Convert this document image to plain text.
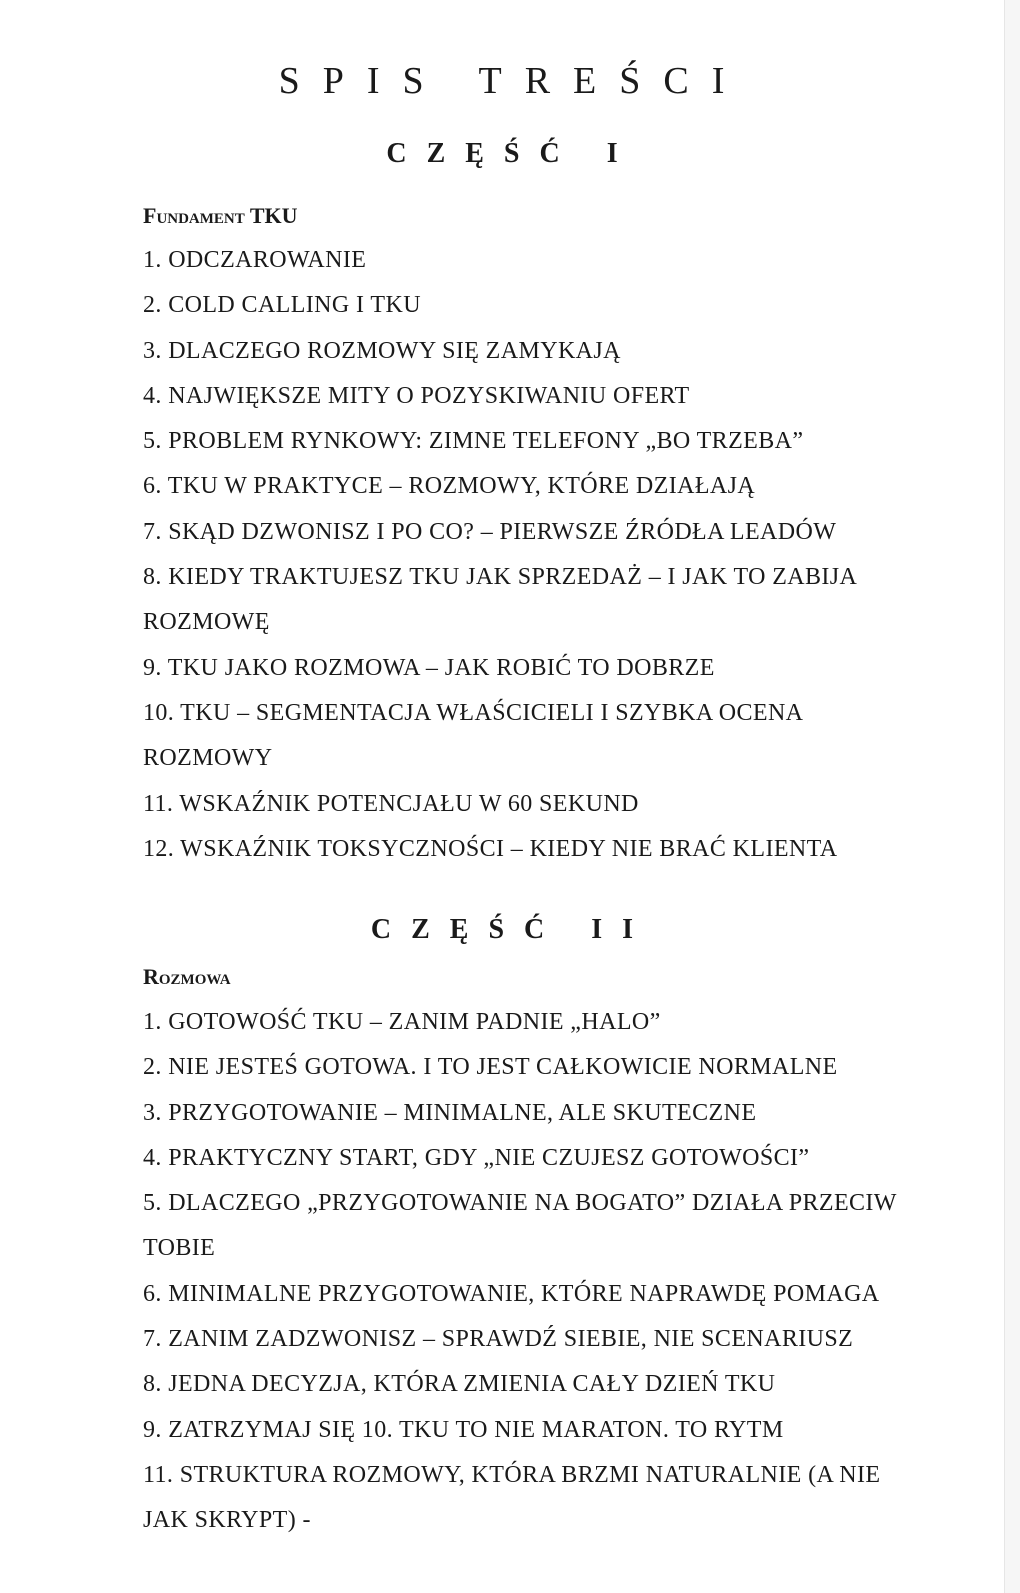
SPIS TREŚCI
CZĘŚĆ I
Fundament TKU
1. ODCZAROWANIE
2. COLD CALLING I TKU
3. DLACZEGO ROZMOWY SIĘ ZAMYKAJĄ
4. NAJWIĘKSZE MITY O POZYSKIWANIU OFERT
5. PROBLEM RYNKOWY: ZIMNE TELEFONY „BO TRZEBA”
6. TKU W PRAKTYCE – ROZMOWY, KTÓRE DZIAŁAJĄ
7. SKĄD DZWONISZ I PO CO? – PIERWSZE ŹRÓDŁA LEADÓW
8. KIEDY TRAKTUJESZ TKU JAK SPRZEDAŻ – I JAK TO ZABIJA ROZMOWĘ
9. TKU JAKO ROZMOWA – JAK ROBIĆ TO DOBRZE
10. TKU – SEGMENTACJA WŁAŚCICIELI I SZYBKA OCENA ROZMOWY
11. WSKAŹNIK POTENCJAŁU W 60 SEKUND
12. WSKAŹNIK TOKSYCZNOŚCI – KIEDY NIE BRAĆ KLIENTA
CZĘŚĆ II
Rozmowa
1. GOTOWOŚĆ TKU – ZANIM PADNIE „HALO”
2. NIE JESTEŚ GOTOWA. I TO JEST CAŁKOWICIE NORMALNE
3. PRZYGOTOWANIE – MINIMALNE, ALE SKUTECZNE
4. PRAKTYCZNY START, GDY „NIE CZUJESZ GOTOWOŚCI”
5. DLACZEGO „PRZYGOTOWANIE NA BOGATO” DZIAŁA PRZECIW TOBIE
6. MINIMALNE PRZYGOTOWANIE, KTÓRE NAPRAWDĘ POMAGA
7. ZANIM ZADZWONISZ – SPRAWDŹ SIEBIE, NIE SCENARIUSZ
8. JEDNA DECYZJA, KTÓRA ZMIENIA CAŁY DZIEŃ TKU
9. ZATRZYMAJ SIĘ 10. TKU TO NIE MARATON. TO RYTM
11. STRUKTURA ROZMOWY, KTÓRA BRZMI NATURALNIE (A NIE JAK SKRYPT) -
